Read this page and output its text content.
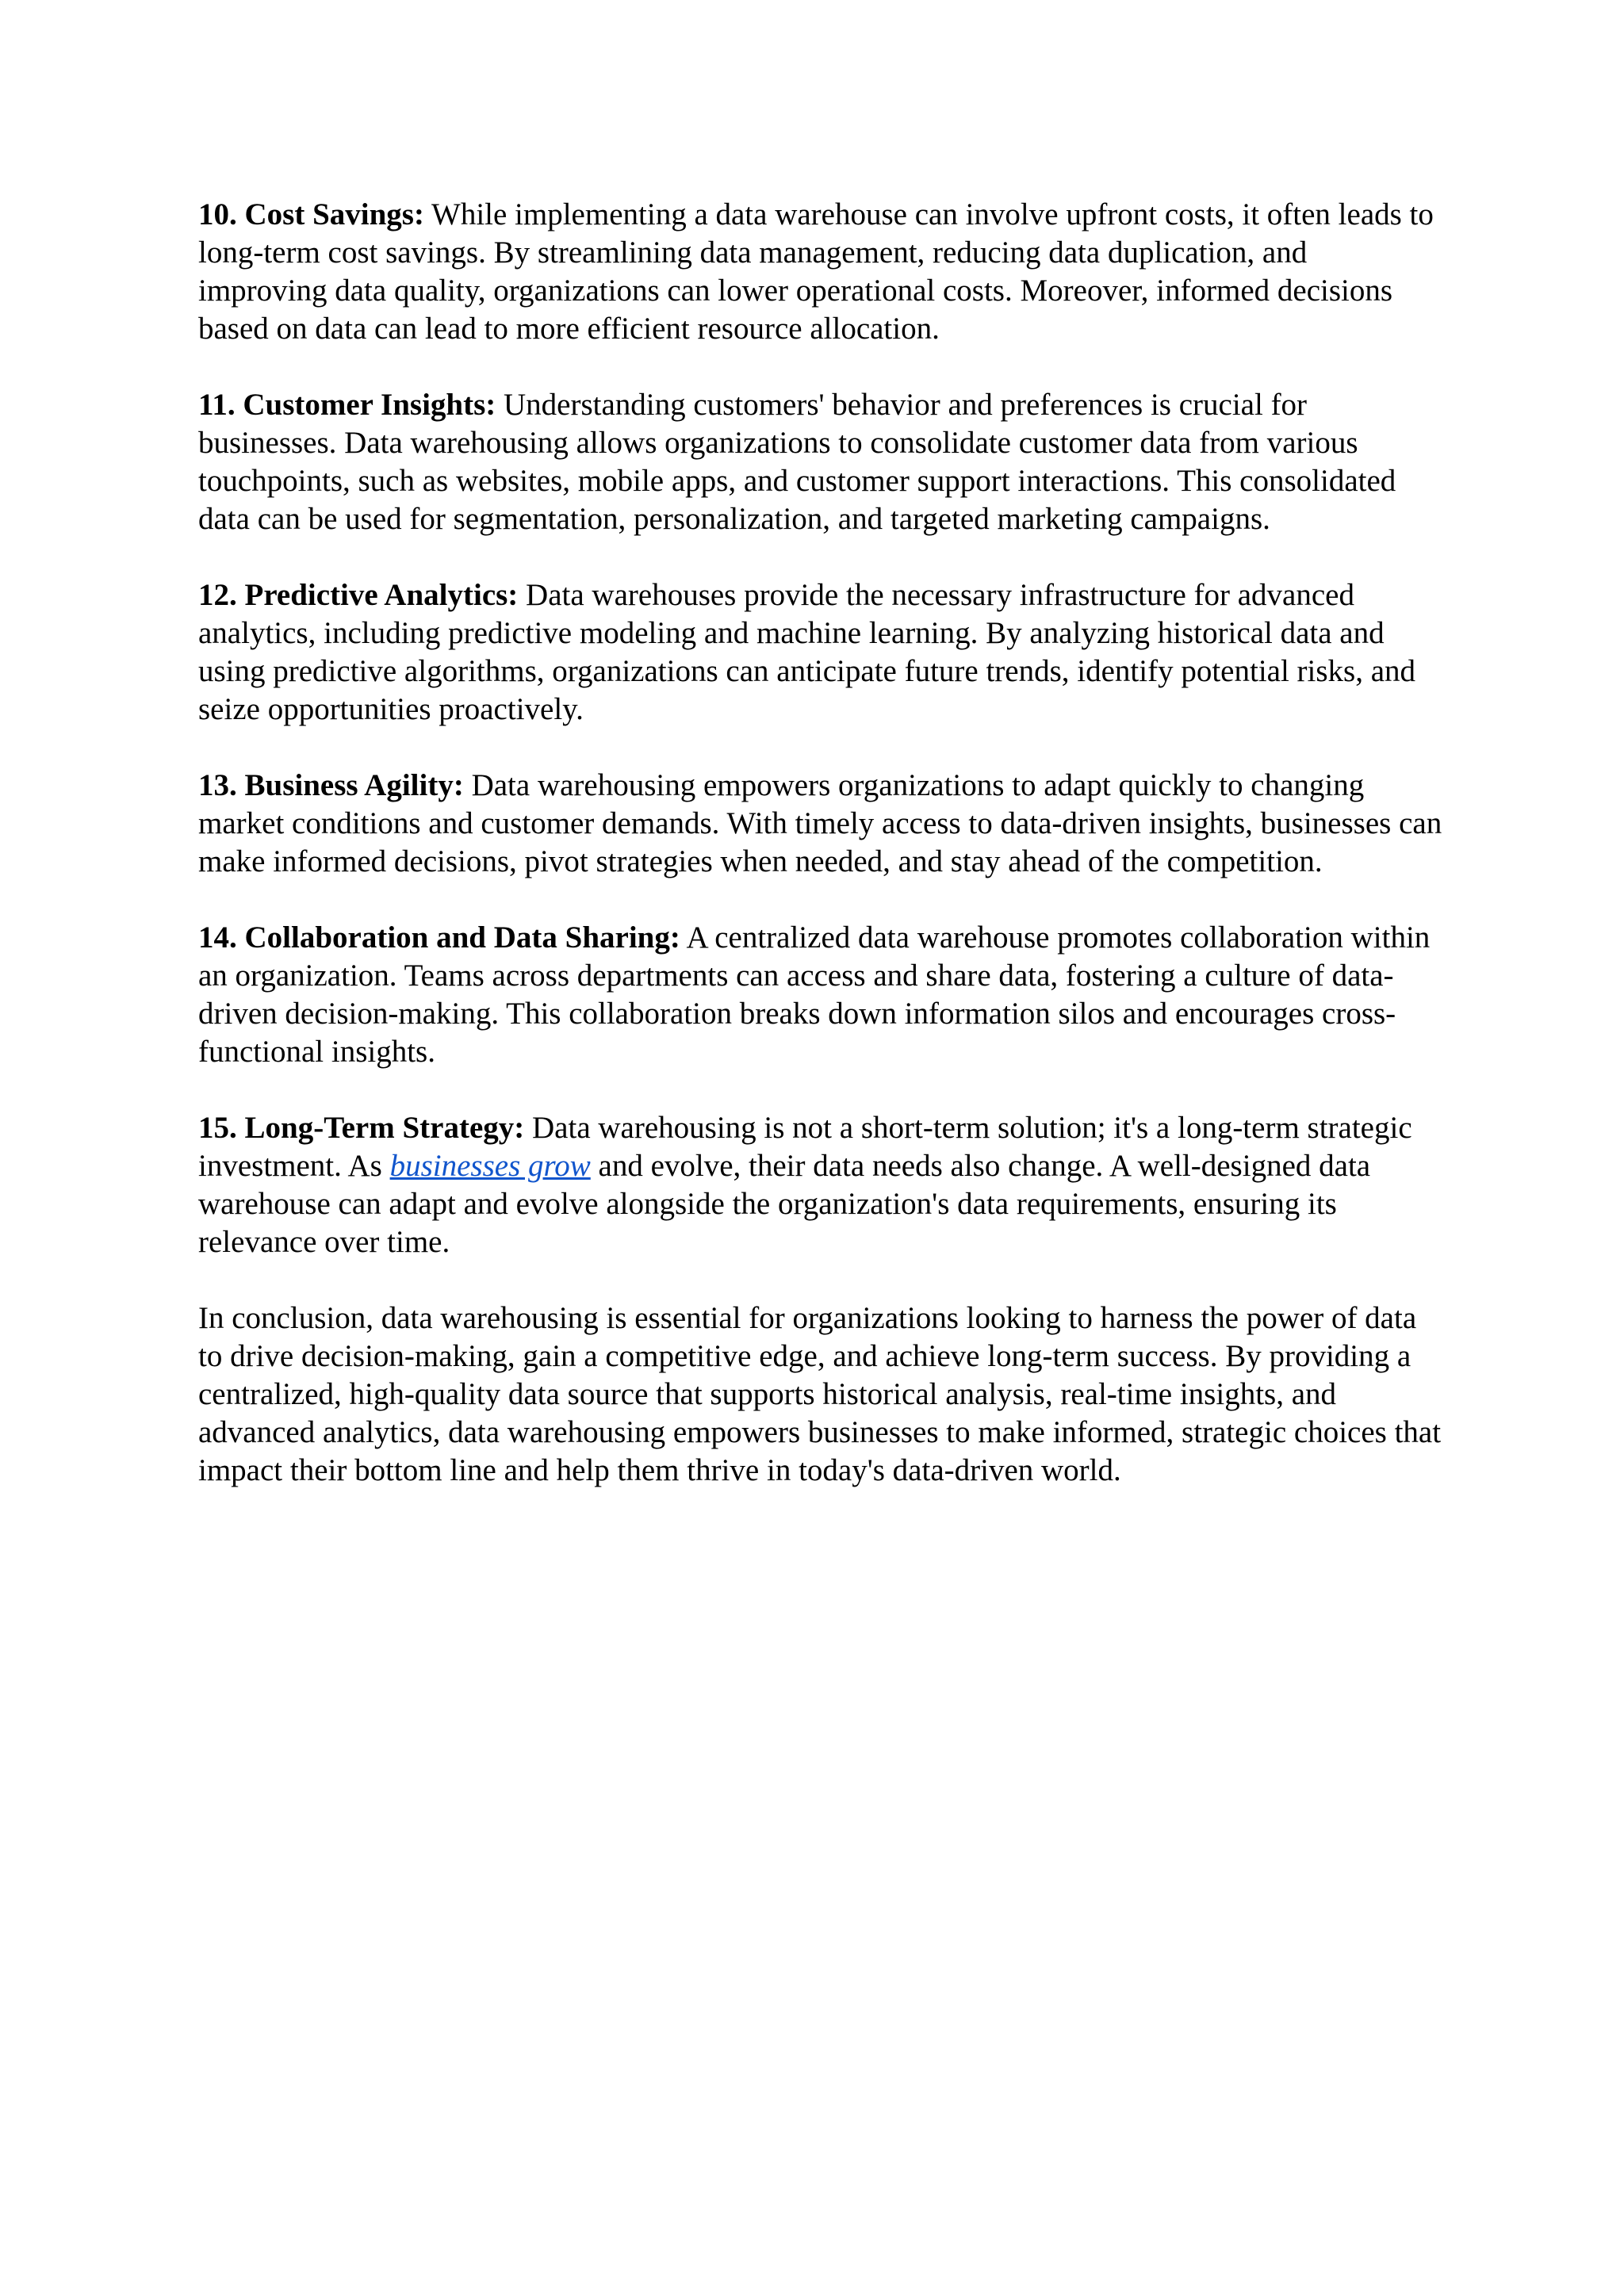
10. Cost Savings: While implementing a data warehouse can involve upfront costs, it often leads to long-term cost savings. By streamlining data management, reducing data duplication, and improving data quality, organizations can lower operational costs. Moreover, informed decisions based on data can lead to more efficient resource allocation.

11. Customer Insights: Understanding customers' behavior and preferences is crucial for businesses. Data warehousing allows organizations to consolidate customer data from various touchpoints, such as websites, mobile apps, and customer support interactions. This consolidated data can be used for segmentation, personalization, and targeted marketing campaigns.

12. Predictive Analytics: Data warehouses provide the necessary infrastructure for advanced analytics, including predictive modeling and machine learning. By analyzing historical data and using predictive algorithms, organizations can anticipate future trends, identify potential risks, and seize opportunities proactively.

13. Business Agility: Data warehousing empowers organizations to adapt quickly to changing market conditions and customer demands. With timely access to data-driven insights, businesses can make informed decisions, pivot strategies when needed, and stay ahead of the competition.

14. Collaboration and Data Sharing: A centralized data warehouse promotes collaboration within an organization. Teams across departments can access and share data, fostering a culture of data-driven decision-making. This collaboration breaks down information silos and encourages cross-functional insights.

15. Long-Term Strategy: Data warehousing is not a short-term solution; it's a long-term strategic investment. As businesses grow and evolve, their data needs also change. A well-designed data warehouse can adapt and evolve alongside the organization's data requirements, ensuring its relevance over time.

In conclusion, data warehousing is essential for organizations looking to harness the power of data to drive decision-making, gain a competitive edge, and achieve long-term success. By providing a centralized, high-quality data source that supports historical analysis, real-time insights, and advanced analytics, data warehousing empowers businesses to make informed, strategic choices that impact their bottom line and help them thrive in today's data-driven world.
